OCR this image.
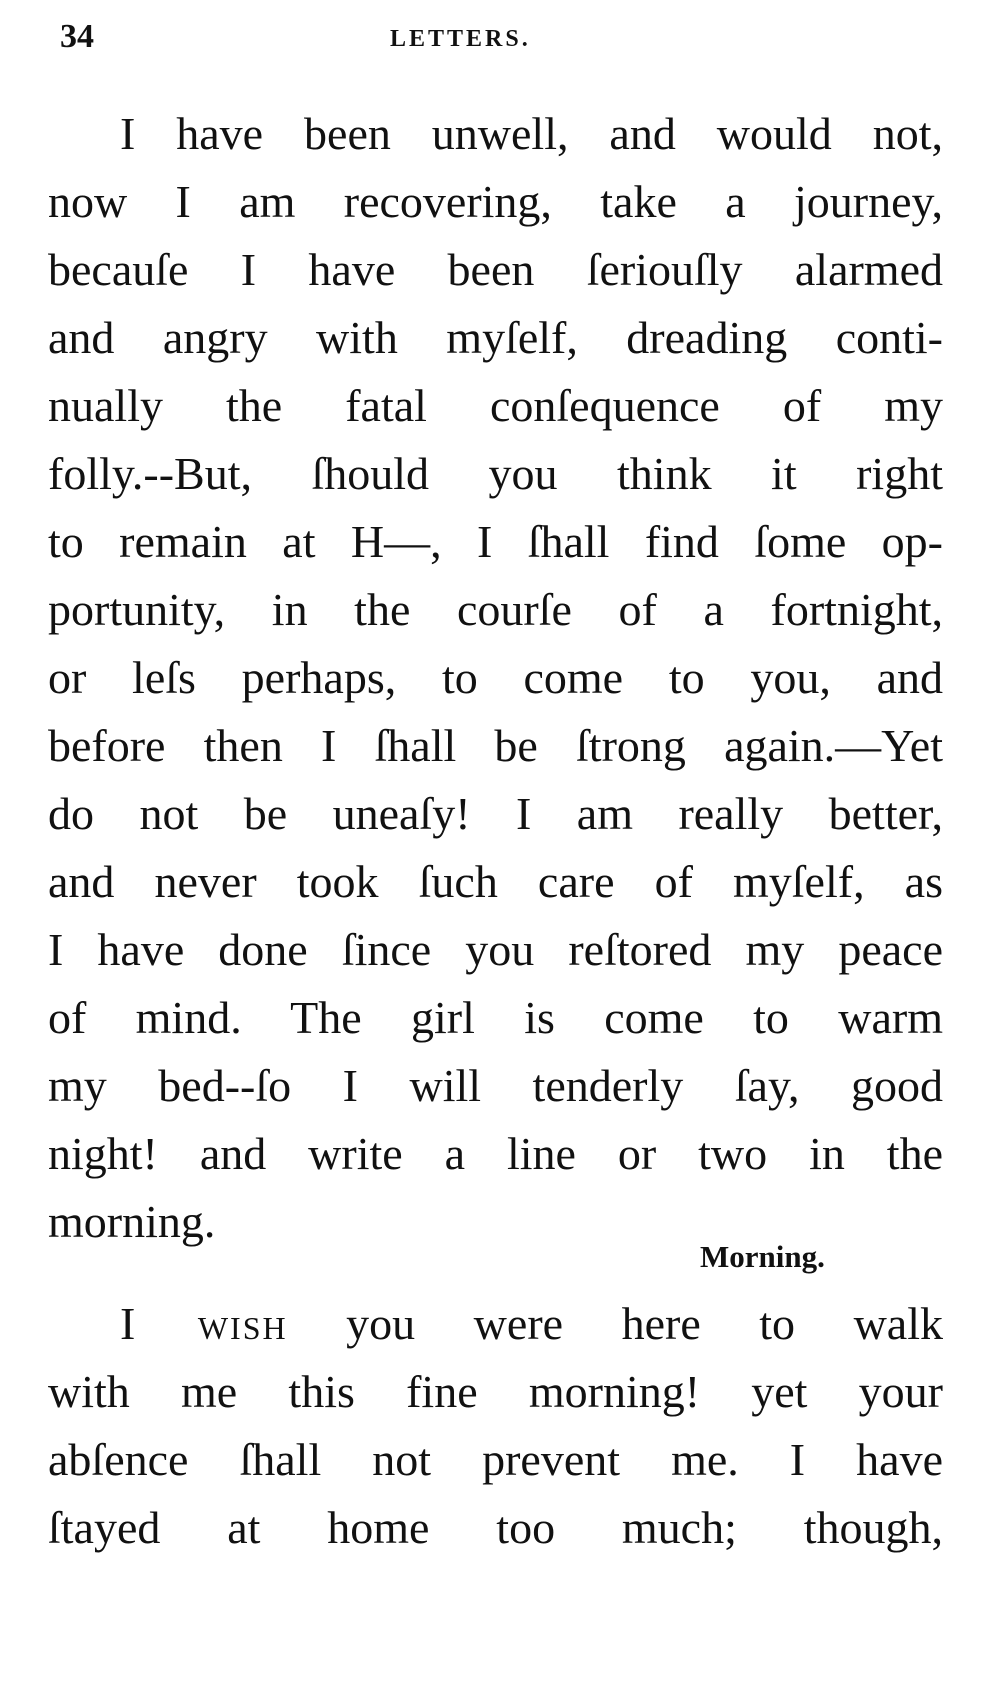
34	LETTERS.
I have been unwell, and would not,
now I am recovering, take a journey,
becauſe I have been ſeriouſly alarmed
and angry with myſelf, dreading conti-
nually the fatal conſequence of my
folly.--But, ſhould you think it right
to remain at H—, I ſhall find ſome op-
portunity, in the courſe of a fortnight,
or leſs perhaps, to come to you, and
before then I ſhall be ſtrong again.—Yet
do not be uneaſy! I am really better,
and never took ſuch care of myſelf, as
I have done ſince you reſtored my peace
of mind. The girl is come to warm
my bed--ſo I will tenderly ſay, good
night! and write a line or two in the
morning.
Morning.
I wish you were here to walk
with me this fine morning! yet your
abſence ſhall not prevent me. I have
ſtayed at home too much; though,
